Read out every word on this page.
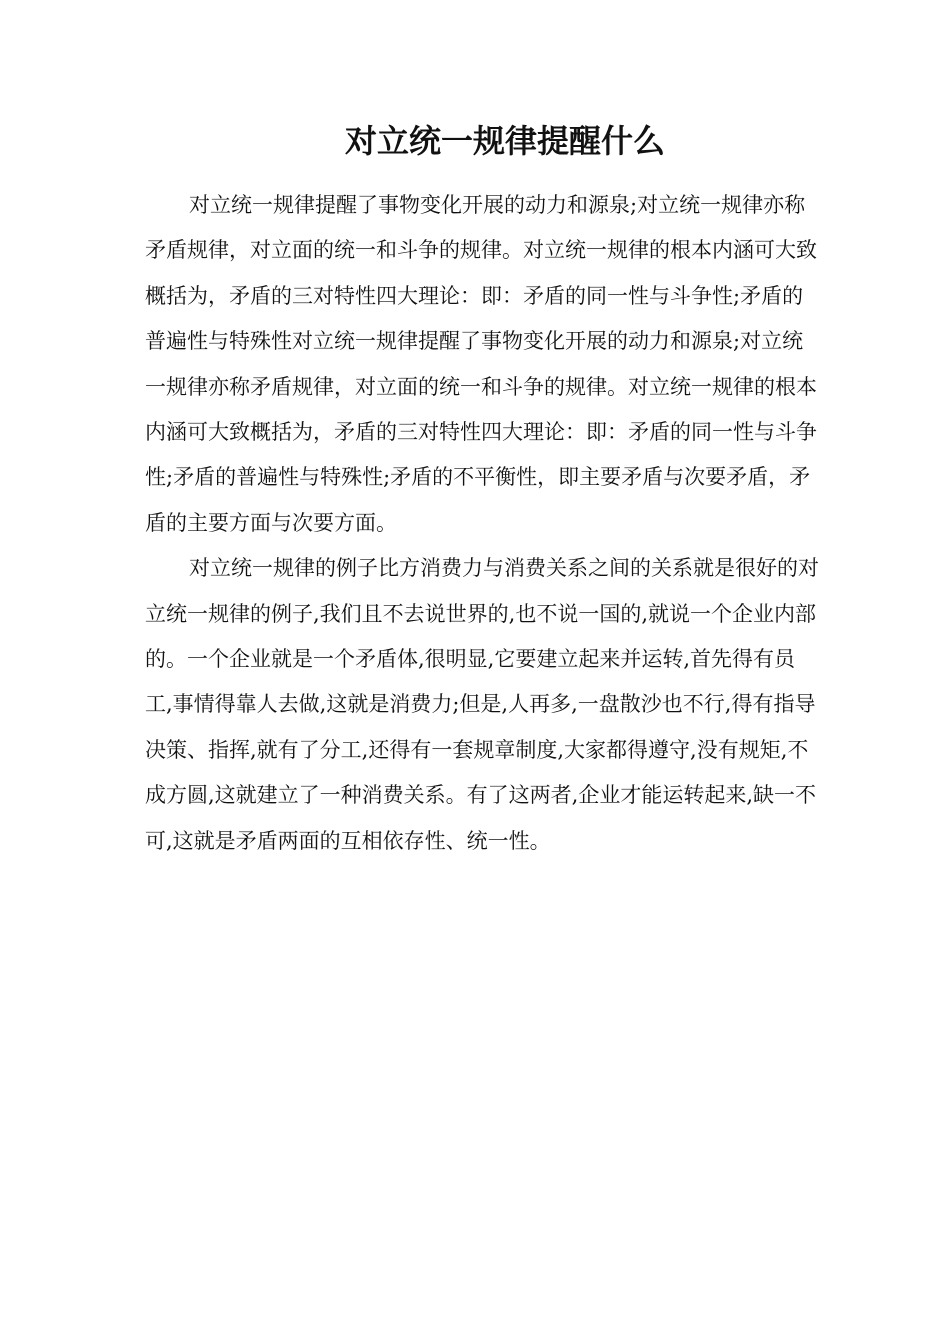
对立统一规律提醒什么

对立统一规律提醒了事物变化开展的动力和源泉;对立统一规律亦称矛盾规律，对立面的统一和斗争的规律。对立统一规律的根本内涵可大致概括为，矛盾的三对特性四大理论：即：矛盾的同一性与斗争性;矛盾的普遍性与特殊性对立统一规律提醒了事物变化开展的动力和源泉;对立统一规律亦称矛盾规律，对立面的统一和斗争的规律。对立统一规律的根本内涵可大致概括为，矛盾的三对特性四大理论：即：矛盾的同一性与斗争性;矛盾的普遍性与特殊性;矛盾的不平衡性，即主要矛盾与次要矛盾，矛盾的主要方面与次要方面。

对立统一规律的例子比方消费力与消费关系之间的关系就是很好的对立统一规律的例子,我们且不去说世界的,也不说一国的,就说一个企业内部的。一个企业就是一个矛盾体,很明显,它要建立起来并运转,首先得有员工,事情得靠人去做,这就是消费力;但是,人再多,一盘散沙也不行,得有指导决策、指挥,就有了分工,还得有一套规章制度,大家都得遵守,没有规矩,不成方圆,这就建立了一种消费关系。有了这两者,企业才能运转起来,缺一不可,这就是矛盾两面的互相依存性、统一性。
